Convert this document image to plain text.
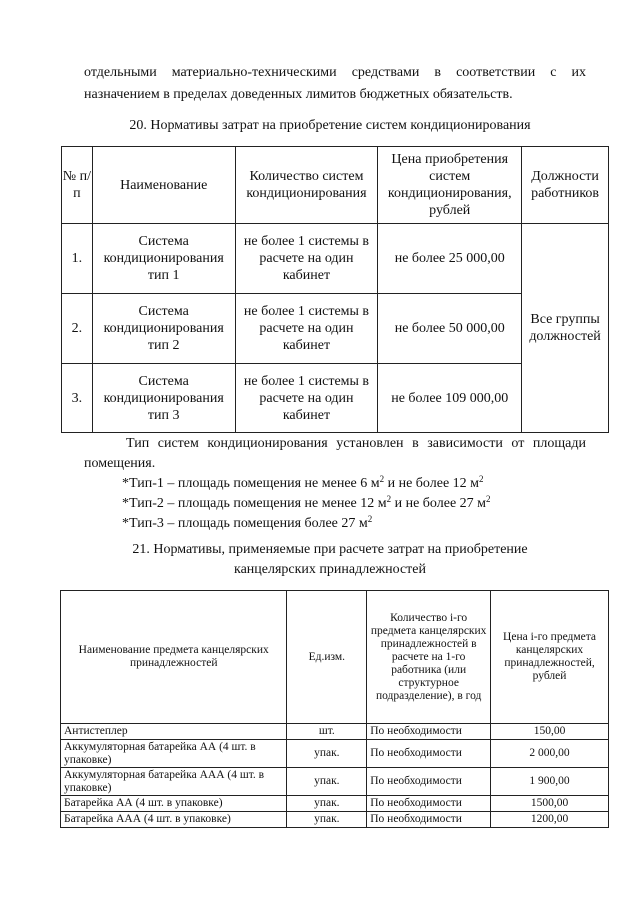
отдельными материально-техническими средствами в соответствии с их
назначением в пределах доведенных лимитов бюджетных обязательств.
20. Нормативы затрат на приобретение систем кондиционирования
№ п/п	Наименование	Количество систем кондиционирования	Цена приобретения систем кондиционирования, рублей	Должности работников
1.	Система кондиционирования тип 1	не более 1 системы в расчете на один кабинет	не более 25 000,00	Все группы должностей
2.	Система кондиционирования тип 2	не более 1 системы в расчете на один кабинет	не более 50 000,00	
3.	Система кондиционирования тип 3	не более 1 системы в расчете на один кабинет	не более 109 000,00	
Тип систем кондиционирования установлен в зависимости от площади
помещения.
*Тип-1 – площадь помещения не менее 6 $м^2$ и не более 12 $м^2$
*Тип-2 – площадь помещения не менее 12 $м^2$ и не более 27 $м^2$
*Тип-3 – площадь помещения более 27 $м^2$
21. Нормативы, применяемые при расчете затрат на приобретение
канцелярских принадлежностей
Наименование предмета канцелярских принадлежностей	Ед.изм.	Количество i-го предмета канцелярских принадлежностей в расчете на 1-го работника (или структурное подразделение), в год	Цена i-го предмета канцелярских принадлежностей, рублей
Антистеплер	шт.	По необходимости	150,00
Аккумуляторная батарейка АА (4 шт. в упаковке)	упак.	По необходимости	2 000,00
Аккумуляторная батарейка ААА (4 шт. в упаковке)	упак.	По необходимости	1 900,00
Батарейка АА (4 шт. в упаковке)	упак.	По необходимости	1500,00
Батарейка ААА (4 шт. в упаковке)	упак.	По необходимости	1200,00
